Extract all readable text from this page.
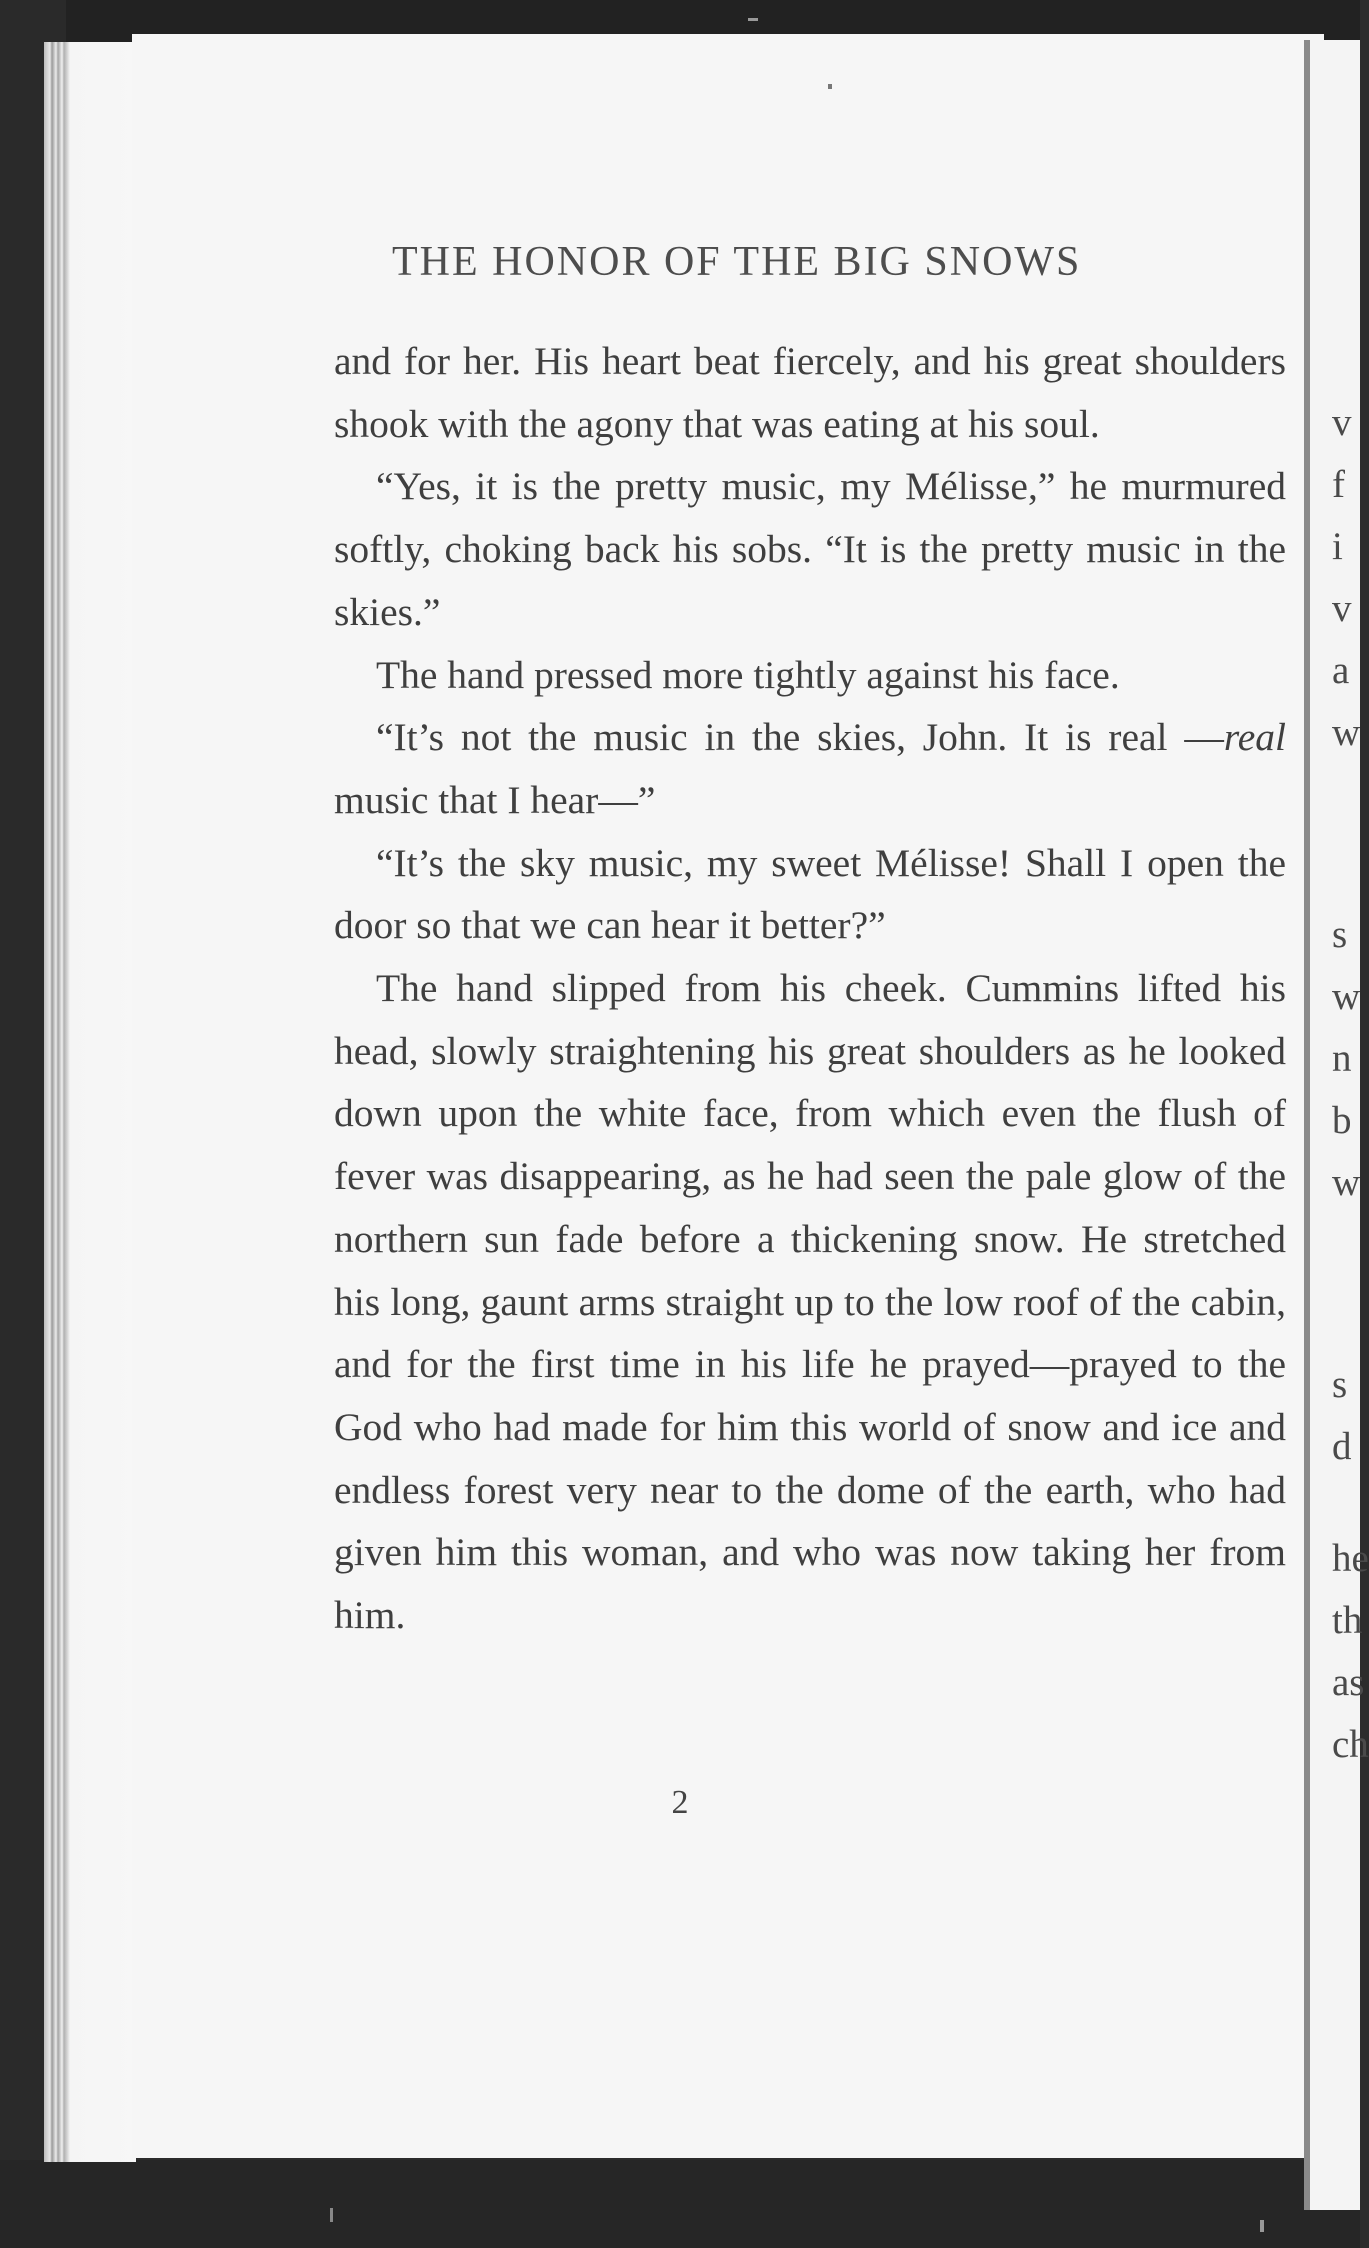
v
f
i
v
a
w
s
w
n
b
w
s
d
he
th
as
ch
THE HONOR OF THE BIG SNOWS

and for her. His heart beat fiercely, and his great shoulders shook with the agony that was eating at his soul.

“Yes, it is the pretty music, my Mélisse,” he murmured softly, choking back his sobs. “It is the pretty music in the skies.”

The hand pressed more tightly against his face.

“It’s not the music in the skies, John. It is real —real music that I hear—”

“It’s the sky music, my sweet Mélisse! Shall I open the door so that we can hear it better?”

The hand slipped from his cheek. Cummins lifted his head, slowly straightening his great shoulders as he looked down upon the white face, from which even the flush of fever was disappearing, as he had seen the pale glow of the northern sun fade before a thickening snow. He stretched his long, gaunt arms straight up to the low roof of the cabin, and for the first time in his life he prayed—prayed to the God who had made for him this world of snow and ice and endless forest very near to the dome of the earth, who had given him this woman, and who was now taking her from him.

2
